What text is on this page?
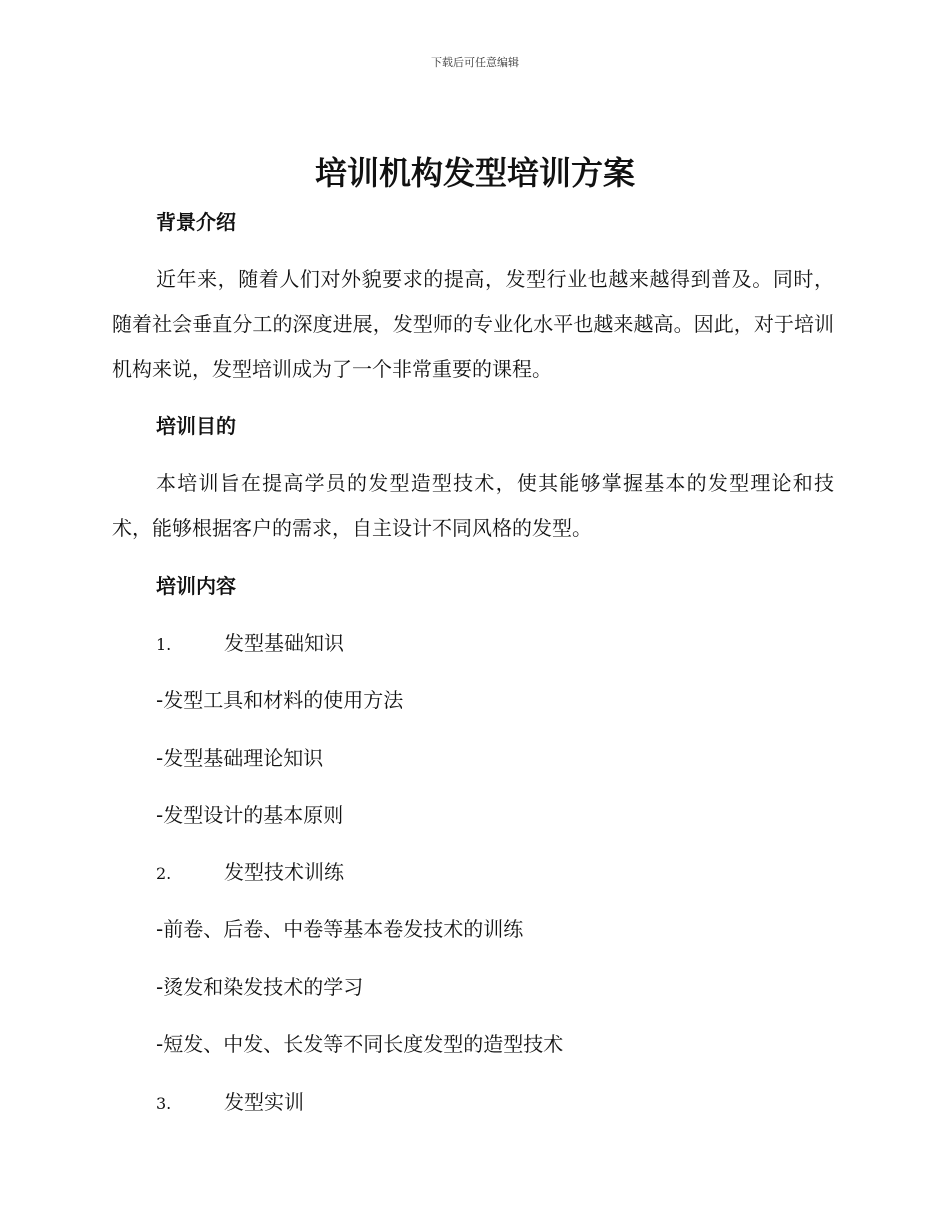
下载后可任意编辑
培训机构发型培训方案
背景介绍

近年来，随着人们对外貌要求的提高，发型行业也越来越得到普及。同时，随着社会垂直分工的深度进展，发型师的专业化水平也越来越高。因此，对于培训机构来说，发型培训成为了一个非常重要的课程。

培训目的

本培训旨在提高学员的发型造型技术，使其能够掌握基本的发型理论和技术，能够根据客户的需求，自主设计不同风格的发型。

培训内容
1.	发型基础知识
-发型工具和材料的使用方法
-发型基础理论知识
-发型设计的基本原则
2.	发型技术训练
-前卷、后卷、中卷等基本卷发技术的训练
-烫发和染发技术的学习
-短发、中发、长发等不同长度发型的造型技术
3.	发型实训
